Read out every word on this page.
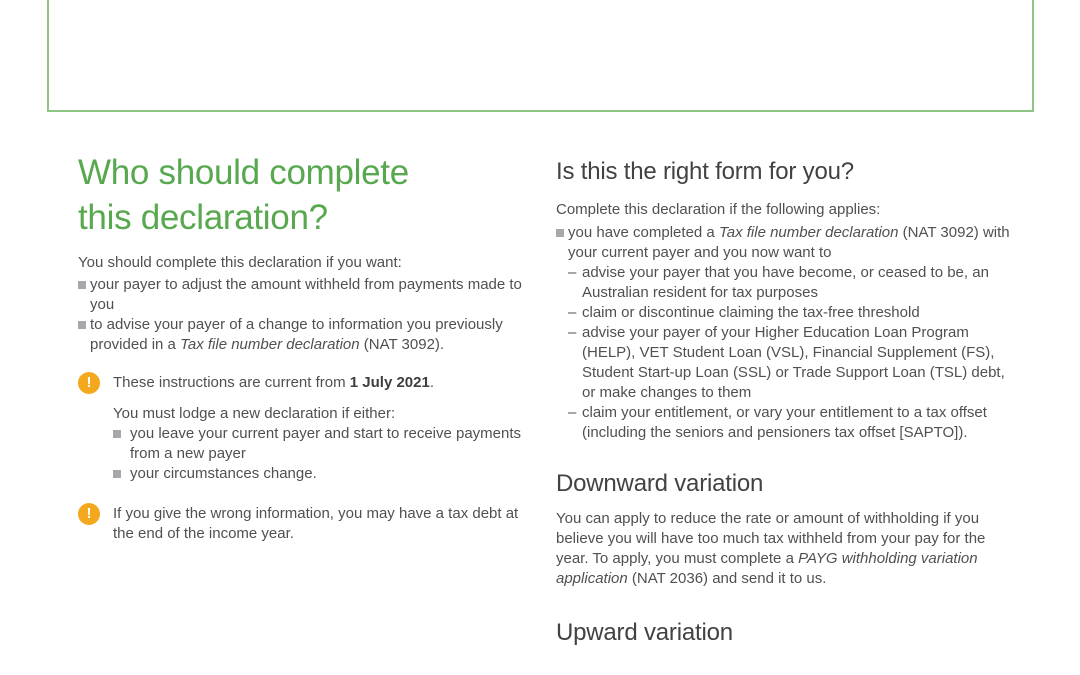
Who should complete
this declaration?

You should complete this declaration if you want:

your payer to adjust the amount withheld from payments made to you
to advise your payer of a change to information you previously provided in a Tax file number declaration (NAT 3092).
!	These instructions are current from 1 July 2021.

You must lodge a new declaration if either:

you leave your current payer and start to receive payments from a new payer
your circumstances change.
!	If you give the wrong information, you may have a tax debt at the end of the income year.

Is this the right form for you?

Complete this declaration if the following applies:

you have completed a Tax file number declaration (NAT 3092) with your current payer and you now want to
– advise your payer that you have become, or ceased to be, an Australian resident for tax purposes
– claim or discontinue claiming the tax-free threshold
– advise your payer of your Higher Education Loan Program (HELP), VET Student Loan (VSL), Financial Supplement (FS), Student Start-up Loan (SSL) or Trade Support Loan (TSL) debt, or make changes to them
– claim your entitlement, or vary your entitlement to a tax offset (including the seniors and pensioners tax offset [SAPTO]).
Downward variation

You can apply to reduce the rate or amount of withholding if you believe you will have too much tax withheld from your pay for the year. To apply, you must complete a PAYG withholding variation application (NAT 2036) and send it to us.

Upward variation
